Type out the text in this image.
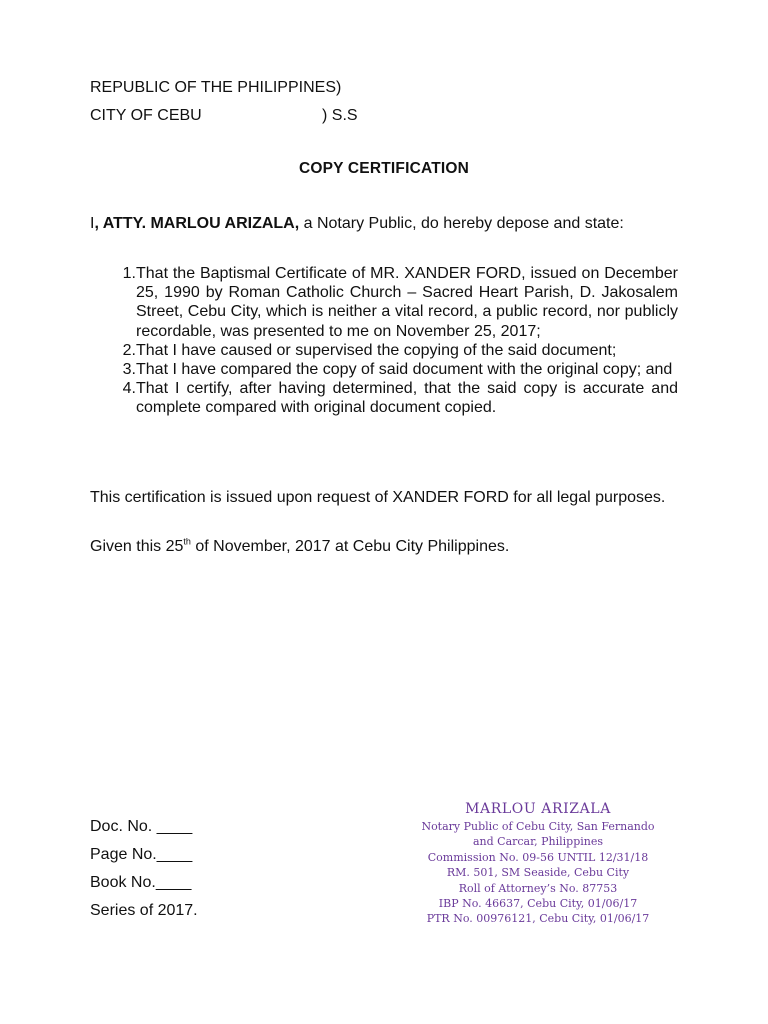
REPUBLIC OF THE PHILIPPINES)
CITY OF CEBU	) S.S
COPY CERTIFICATION
I, ATTY. MARLOU ARIZALA, a Notary Public, do hereby depose and state:
1. That the Baptismal Certificate of MR. XANDER FORD, issued on December 25, 1990 by Roman Catholic Church – Sacred Heart Parish, D. Jakosalem Street, Cebu City, which is neither a vital record, a public record, nor publicly recordable, was presented to me on November 25, 2017;
2. That I have caused or supervised the copying of the said document;
3. That I have compared the copy of said document with the original copy; and
4. That I certify, after having determined, that the said copy is accurate and complete compared with original document copied.
This certification is issued upon request of XANDER FORD for all legal purposes.
Given this 25th of November, 2017 at Cebu City Philippines.
Doc. No. ____
Page No.____
Book No.____
Series of 2017.
MARLOU ARIZALA
Notary Public of Cebu City, San Fernando
and Carcar, Philippines
Commission No. 09-56 UNTIL 12/31/18
RM. 501, SM Seaside, Cebu City
Roll of Attorney’s No. 87753
IBP No. 46637, Cebu City, 01/06/17
PTR No. 00976121, Cebu City, 01/06/17
